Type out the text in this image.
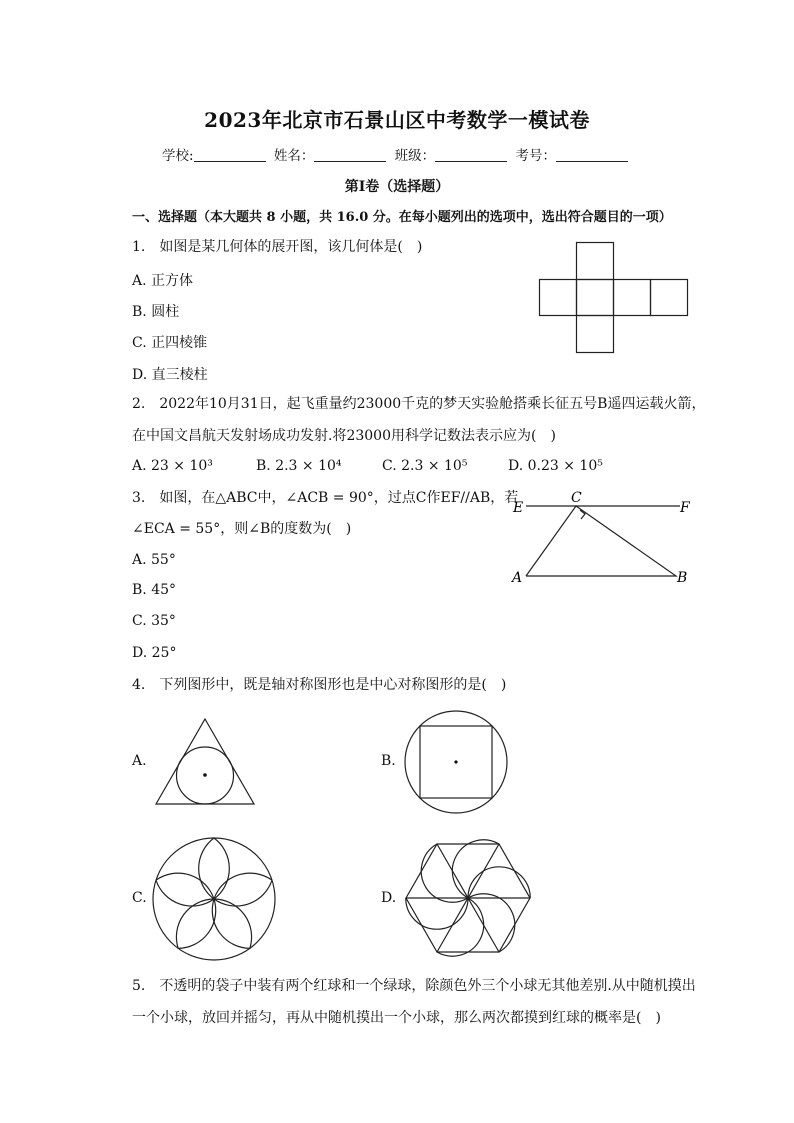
2023年北京市石景山区中考数学一模试卷
学校:	姓名：	班级：	考号：
第I卷（选择题）
一、选择题（本大题共 8 小题，共 16.0 分。在每小题列出的选项中，选出符合题目的一项）
1.　如图是某几何体的展开图，该几何体是(　)
A. 正方体
B. 圆柱
C. 正四棱锥
D. 直三棱柱
2.　2022年10月31日，起飞重量约23000千克的梦天实验舱搭乘长征五号B遥四运载火箭，
在中国文昌航天发射场成功发射.将23000用科学记数法表示应为(　)
A. 23 × 10³	B. 2.3 × 10⁴	C. 2.3 × 10⁵	D. 0.23 × 10⁵
3.　如图，在△ABC中，∠ACB = 90°，过点C作EF//AB，若
∠ECA = 55°，则∠B的度数为(　)
A. 55°
B. 45°
C. 35°
D. 25°
C
E	F
A	B
4.　下列图形中，既是轴对称图形也是中心对称图形的是(　)
A.	B.
C.	D.
5.　不透明的袋子中装有两个红球和一个绿球，除颜色外三个小球无其他差别.从中随机摸出
一个小球，放回并摇匀，再从中随机摸出一个小球，那么两次都摸到红球的概率是(　)
